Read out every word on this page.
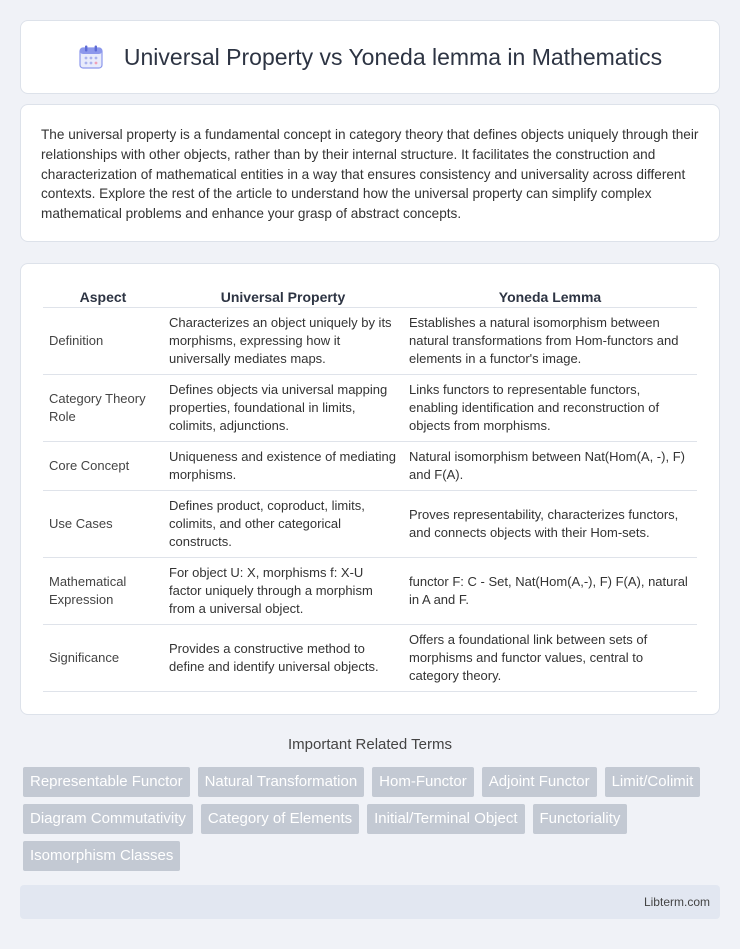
Universal Property vs Yoneda lemma in Mathematics

The universal property is a fundamental concept in category theory that defines objects uniquely through their relationships with other objects, rather than by their internal structure. It facilitates the construction and characterization of mathematical entities in a way that ensures consistency and universality across different contexts. Explore the rest of the article to understand how the universal property can simplify complex mathematical problems and enhance your grasp of abstract concepts.

Aspect	Universal Property	Yoneda Lemma
Definition	Characterizes an object uniquely by its morphisms, expressing how it universally mediates maps.	Establishes a natural isomorphism between natural transformations from Hom-functors and elements in a functor's image.
Category Theory Role	Defines objects via universal mapping properties, foundational in limits, colimits, adjunctions.	Links functors to representable functors, enabling identification and reconstruction of objects from morphisms.
Core Concept	Uniqueness and existence of mediating morphisms.	Natural isomorphism between Nat(Hom(A, -), F) and F(A).
Use Cases	Defines product, coproduct, limits, colimits, and other categorical constructs.	Proves representability, characterizes functors, and connects objects with their Hom-sets.
Mathematical Expression	For object U: X, morphisms f: X-U factor uniquely through a morphism from a universal object.	functor F: C - Set, Nat(Hom(A,-), F) F(A), natural in A and F.
Significance	Provides a constructive method to define and identify universal objects.	Offers a foundational link between sets of morphisms and functor values, central to category theory.
Important Related Terms
Representable Functor	Natural Transformation	Hom-Functor	Adjoint Functor	Limit/Colimit
Diagram Commutativity	Category of Elements	Initial/Terminal Object	Functoriality
Isomorphism Classes
Libterm.com
